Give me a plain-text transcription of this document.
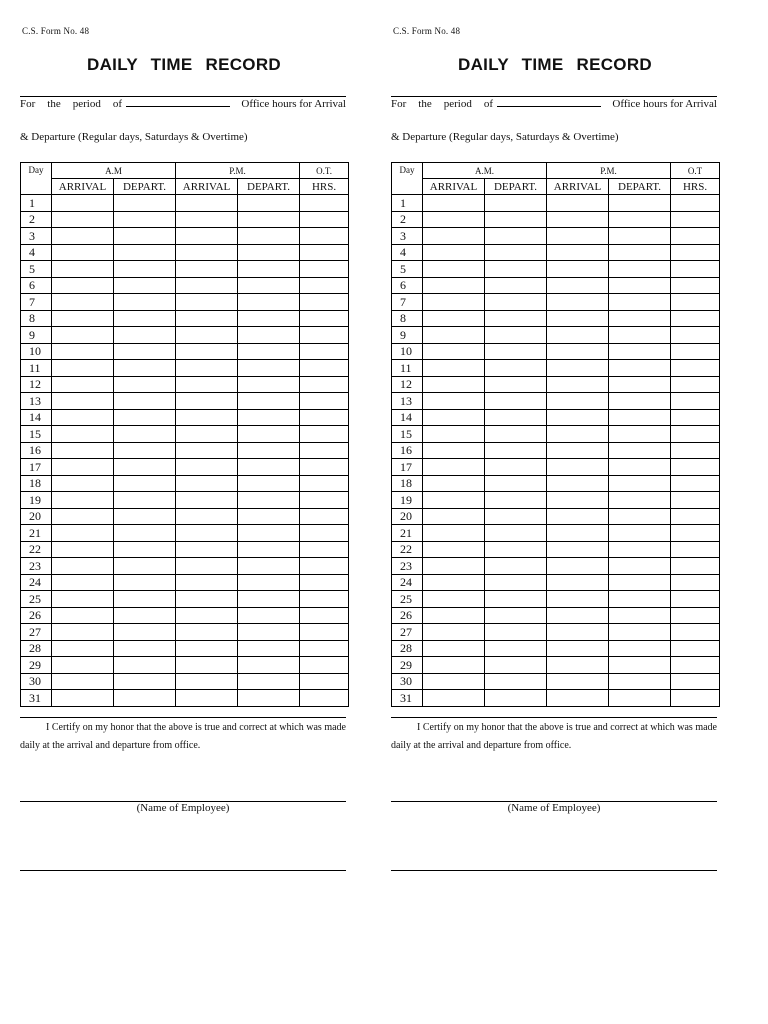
C.S. Form No. 48
DAILY TIME RECORD
For the period of	Office hours for Arrival
& Departure (Regular days, Saturdays & Overtime)
Day	A.M		P.M.		O.T.
	ARRIVAL	DEPART.	ARRIVAL	DEPART.	HRS.
1					
2					
3					
4					
5					
6					
7					
8					
9					
10					
11					
12					
13					
14					
15					
16					
17					
18					
19					
20					
21					
22					
23					
24					
25					
26					
27					
28					
29					
30					
31					
I Certify on my honor that the above is true and correct at which was made daily at the arrival and departure from office.
(Name of Employee)
C.S. Form No. 48
DAILY TIME RECORD
For the period of	Office hours for Arrival
& Departure (Regular days, Saturdays & Overtime)
Day	A.M.		P.M.		O.T
	ARRIVAL	DEPART.	ARRIVAL	DEPART.	HRS.
1					
2					
3					
4					
5					
6					
7					
8					
9					
10					
11					
12					
13					
14					
15					
16					
17					
18					
19					
20					
21					
22					
23					
24					
25					
26					
27					
28					
29					
30					
31					
I Certify on my honor that the above is true and correct at which was made daily at the arrival and departure from office.
(Name of Employee)
